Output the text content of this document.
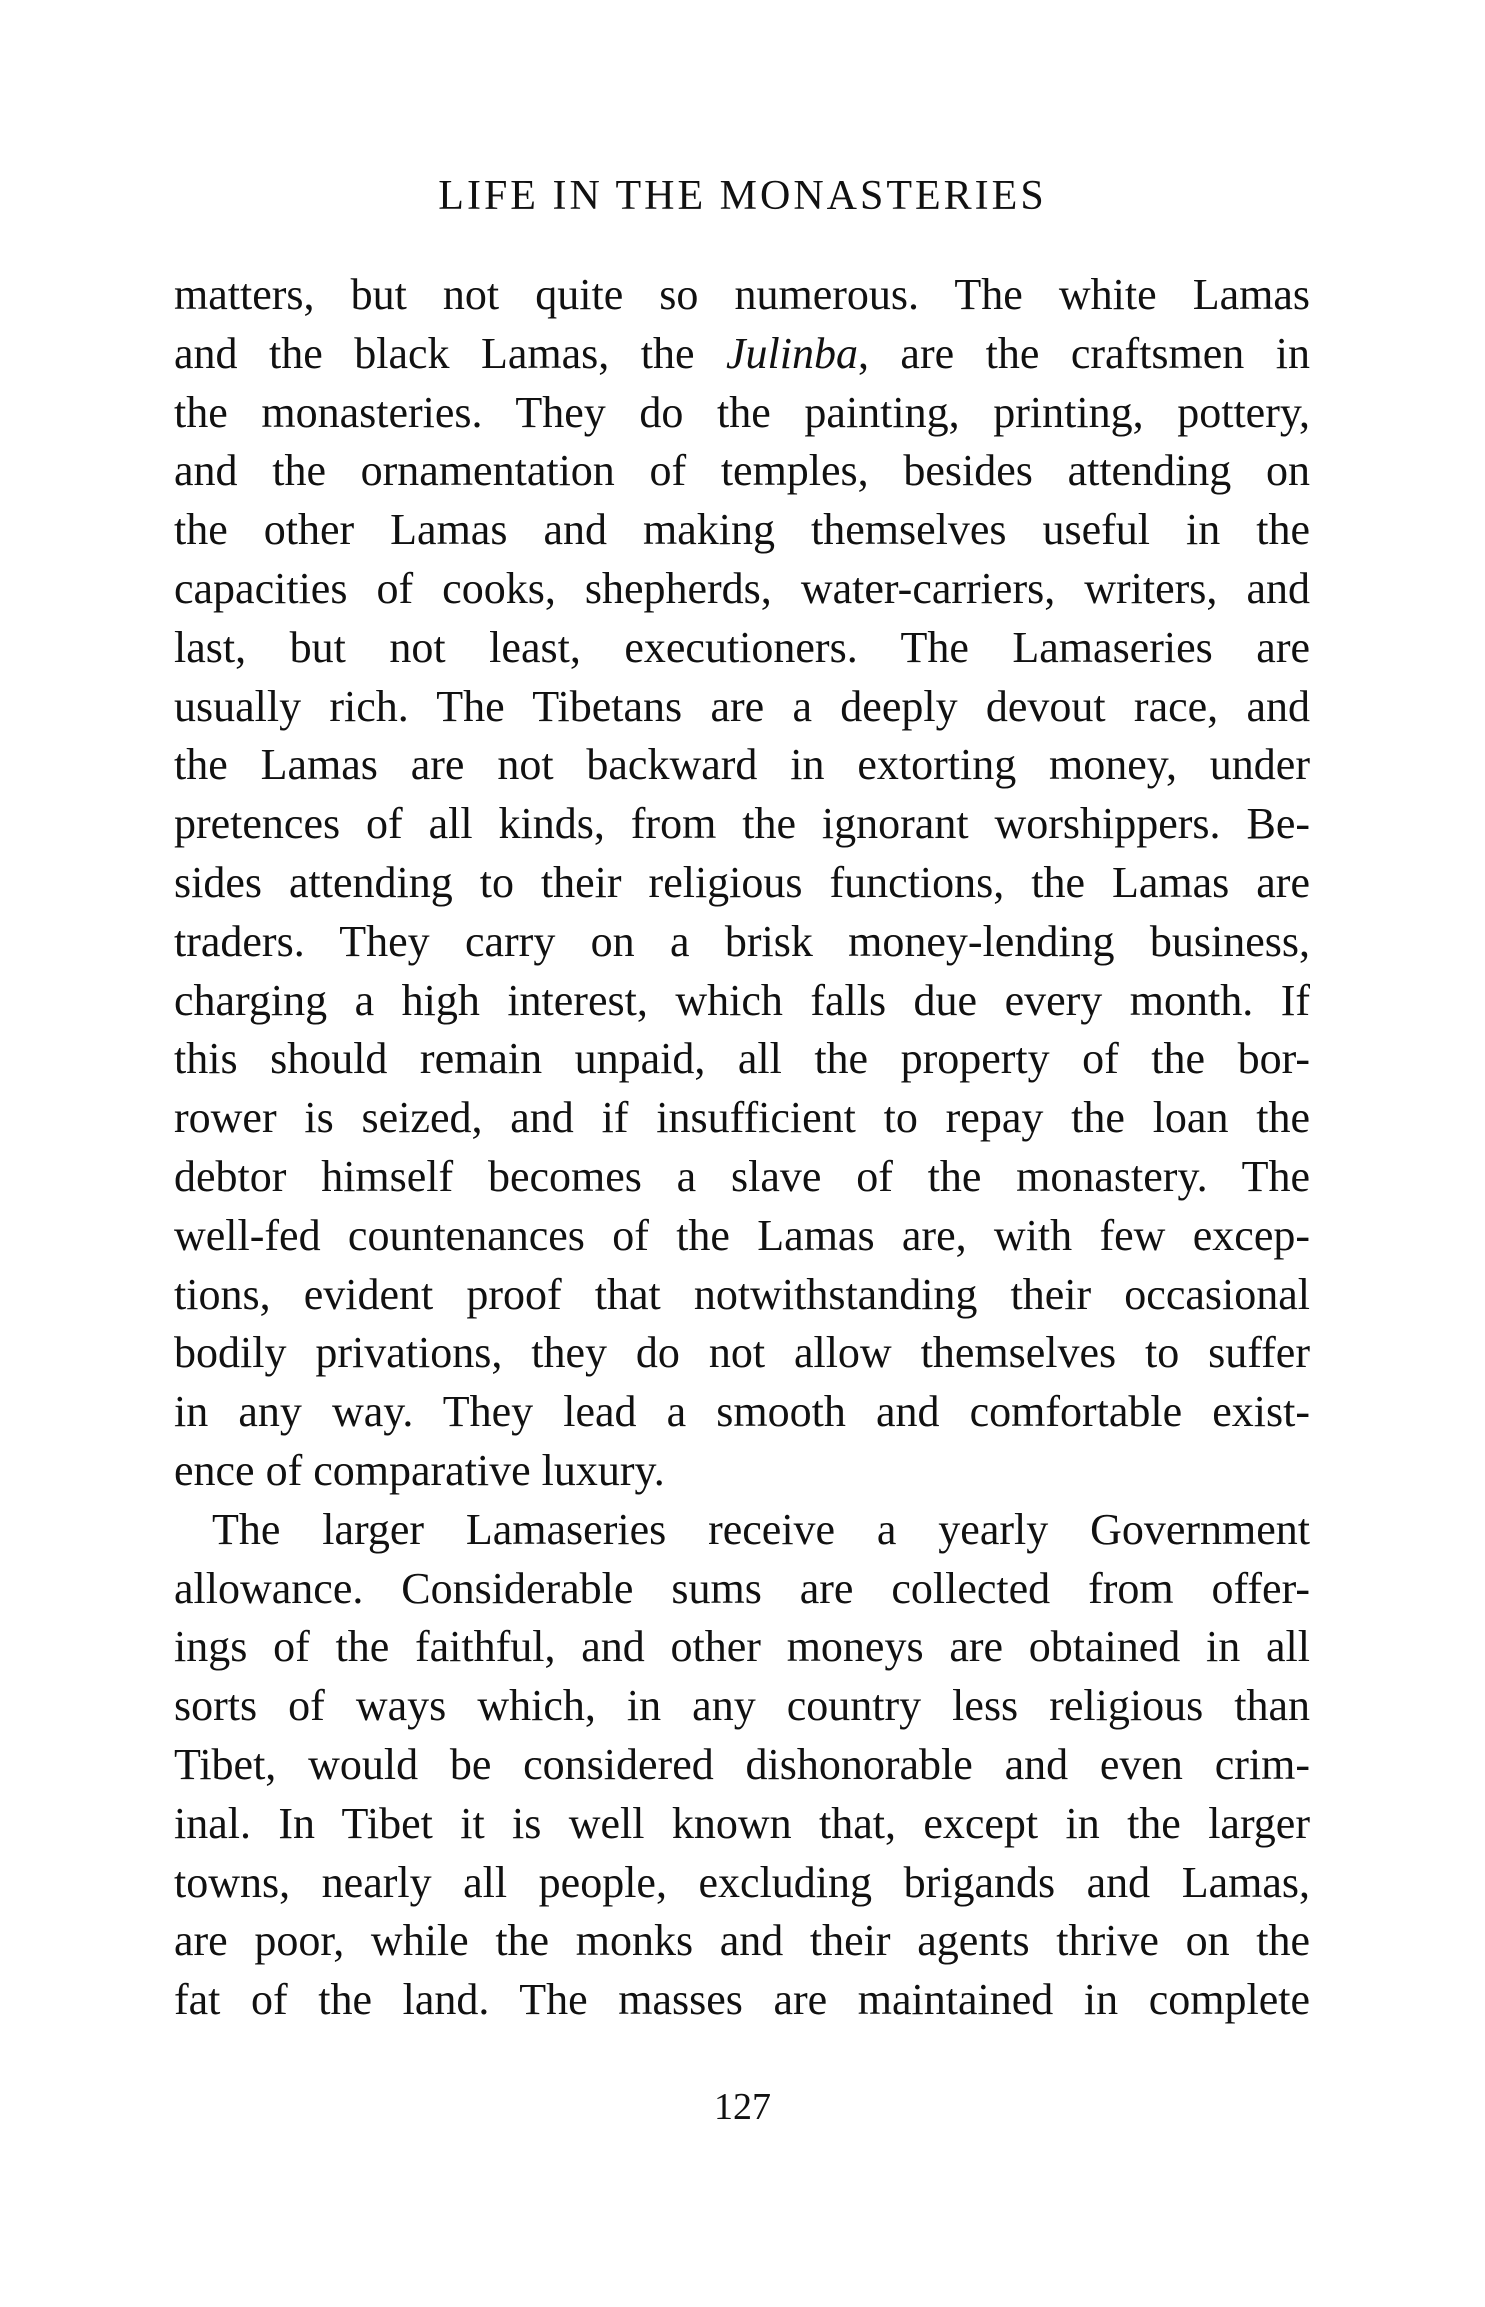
LIFE IN THE MONASTERIES
matters, but not quite so numerous. The white Lamas
and the black Lamas, the Julinba, are the craftsmen in
the monasteries. They do the painting, printing, pottery,
and the ornamentation of temples, besides attending on
the other Lamas and making themselves useful in the
capacities of cooks, shepherds, water-carriers, writers, and
last, but not least, executioners. The Lamaseries are
usually rich. The Tibetans are a deeply devout race, and
the Lamas are not backward in extorting money, under
pretences of all kinds, from the ignorant worshippers. Be-
sides attending to their religious functions, the Lamas are
traders. They carry on a brisk money-lending business,
charging a high interest, which falls due every month. If
this should remain unpaid, all the property of the bor-
rower is seized, and if insufficient to repay the loan the
debtor himself becomes a slave of the monastery. The
well-fed countenances of the Lamas are, with few excep-
tions, evident proof that notwithstanding their occasional
bodily privations, they do not allow themselves to suffer
in any way. They lead a smooth and comfortable exist-
ence of comparative luxury.
The larger Lamaseries receive a yearly Government
allowance. Considerable sums are collected from offer-
ings of the faithful, and other moneys are obtained in all
sorts of ways which, in any country less religious than
Tibet, would be considered dishonorable and even crim-
inal. In Tibet it is well known that, except in the larger
towns, nearly all people, excluding brigands and Lamas,
are poor, while the monks and their agents thrive on the
fat of the land. The masses are maintained in complete
127
